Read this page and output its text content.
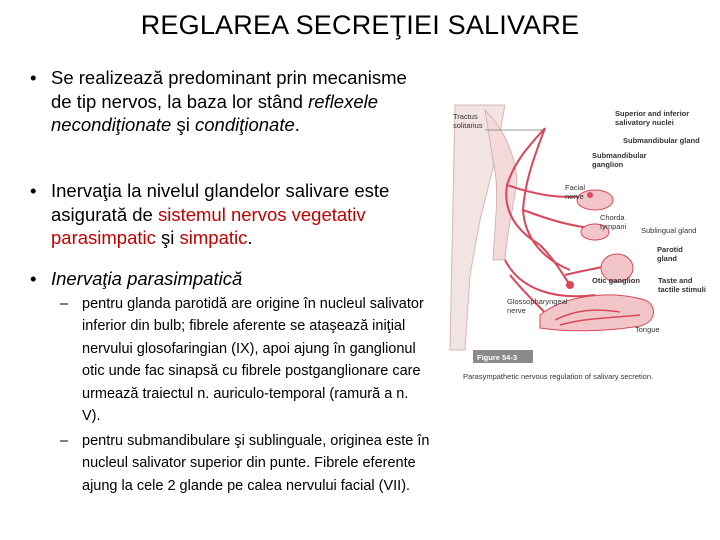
REGLAREA SECREŢIEI SALIVARE
• Se realizează predominant prin mecanisme de tip nervos, la baza lor stând reflexele necondiţionate şi condiţionate.
• Inervaţia la nivelul glandelor salivare este asigurată de sistemul nervos vegetativ parasimpatic şi simpatic.
• Inervaţia parasimpatică
– pentru glanda parotidă are origine în nucleul salivator inferior din bulb; fibrele aferente se ataşează iniţial nervului glosofaringian (IX), apoi ajung în ganglionul otic unde fac sinapsă cu fibrele postganglionare care urmează traiectul n. auriculo-temporal (ramură a n. V).
– pentru submandibulare şi sublinguale, originea este în nucleul salivator superior din punte. Fibrele eferente ajung la cele 2 glande pe calea nervului facial (VII).
Tractus
solitarius
Superior and inferior
salivatory nuclei
Submandibular gland
Submandibular
ganglion
Facial
nerve
Chorda
tympani Sublingual gland
Parotid
gland
Otic ganglion Taste and
tactile stimuli
Glossopharyngeal
nerve
Tongue
Figure 54-3
Parasympathetic nervous regulation of salivary secretion.
